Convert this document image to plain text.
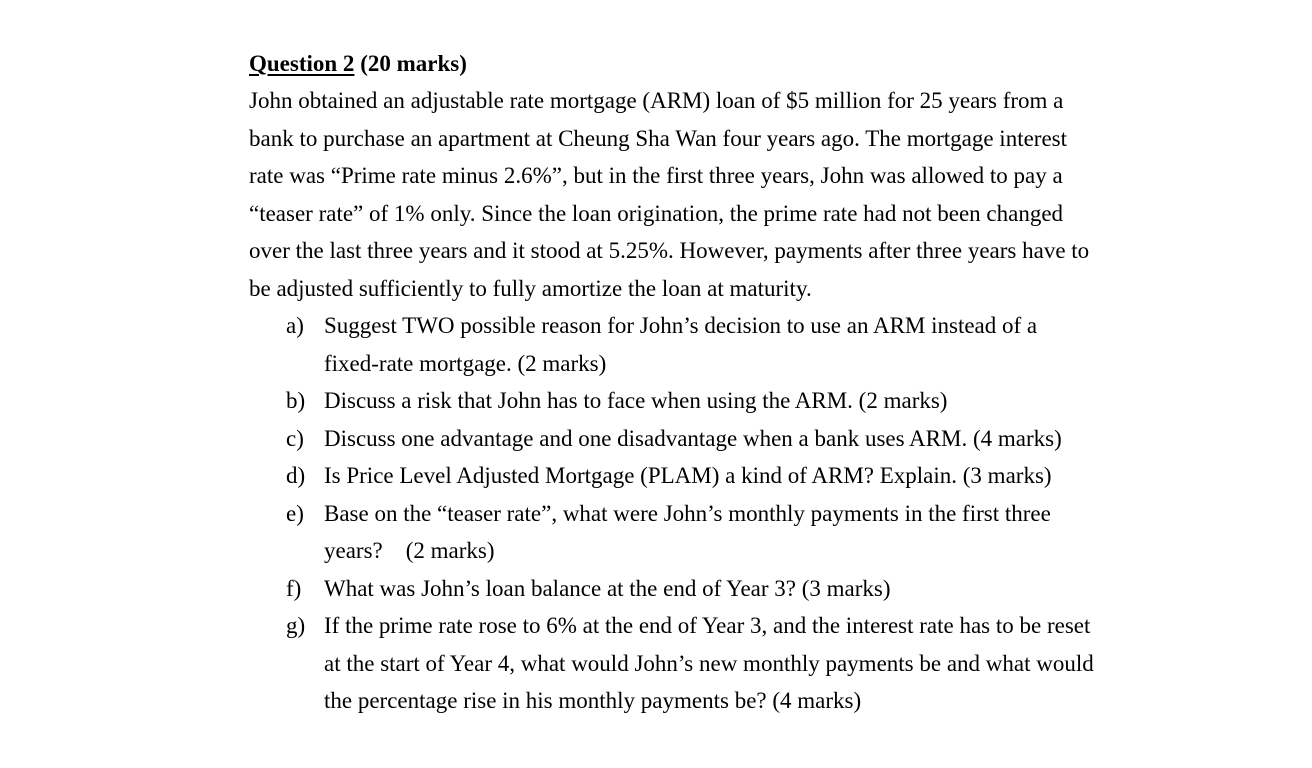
Question 2 (20 marks)
John obtained an adjustable rate mortgage (ARM) loan of $5 million for 25 years from a
bank to purchase an apartment at Cheung Sha Wan four years ago. The mortgage interest
rate was “Prime rate minus 2.6%”, but in the first three years, John was allowed to pay a
“teaser rate” of 1% only. Since the loan origination, the prime rate had not been changed
over the last three years and it stood at 5.25%. However, payments after three years have to
be adjusted sufficiently to fully amortize the loan at maturity.
a) Suggest TWO possible reason for John’s decision to use an ARM instead of a
fixed-rate mortgage. (2 marks)
b) Discuss a risk that John has to face when using the ARM. (2 marks)
c) Discuss one advantage and one disadvantage when a bank uses ARM. (4 marks)
d) Is Price Level Adjusted Mortgage (PLAM) a kind of ARM? Explain. (3 marks)
e) Base on the “teaser rate”, what were John’s monthly payments in the first three
years?    (2 marks)
f) What was John’s loan balance at the end of Year 3? (3 marks)
g) If the prime rate rose to 6% at the end of Year 3, and the interest rate has to be reset
at the start of Year 4, what would John’s new monthly payments be and what would
the percentage rise in his monthly payments be? (4 marks)
